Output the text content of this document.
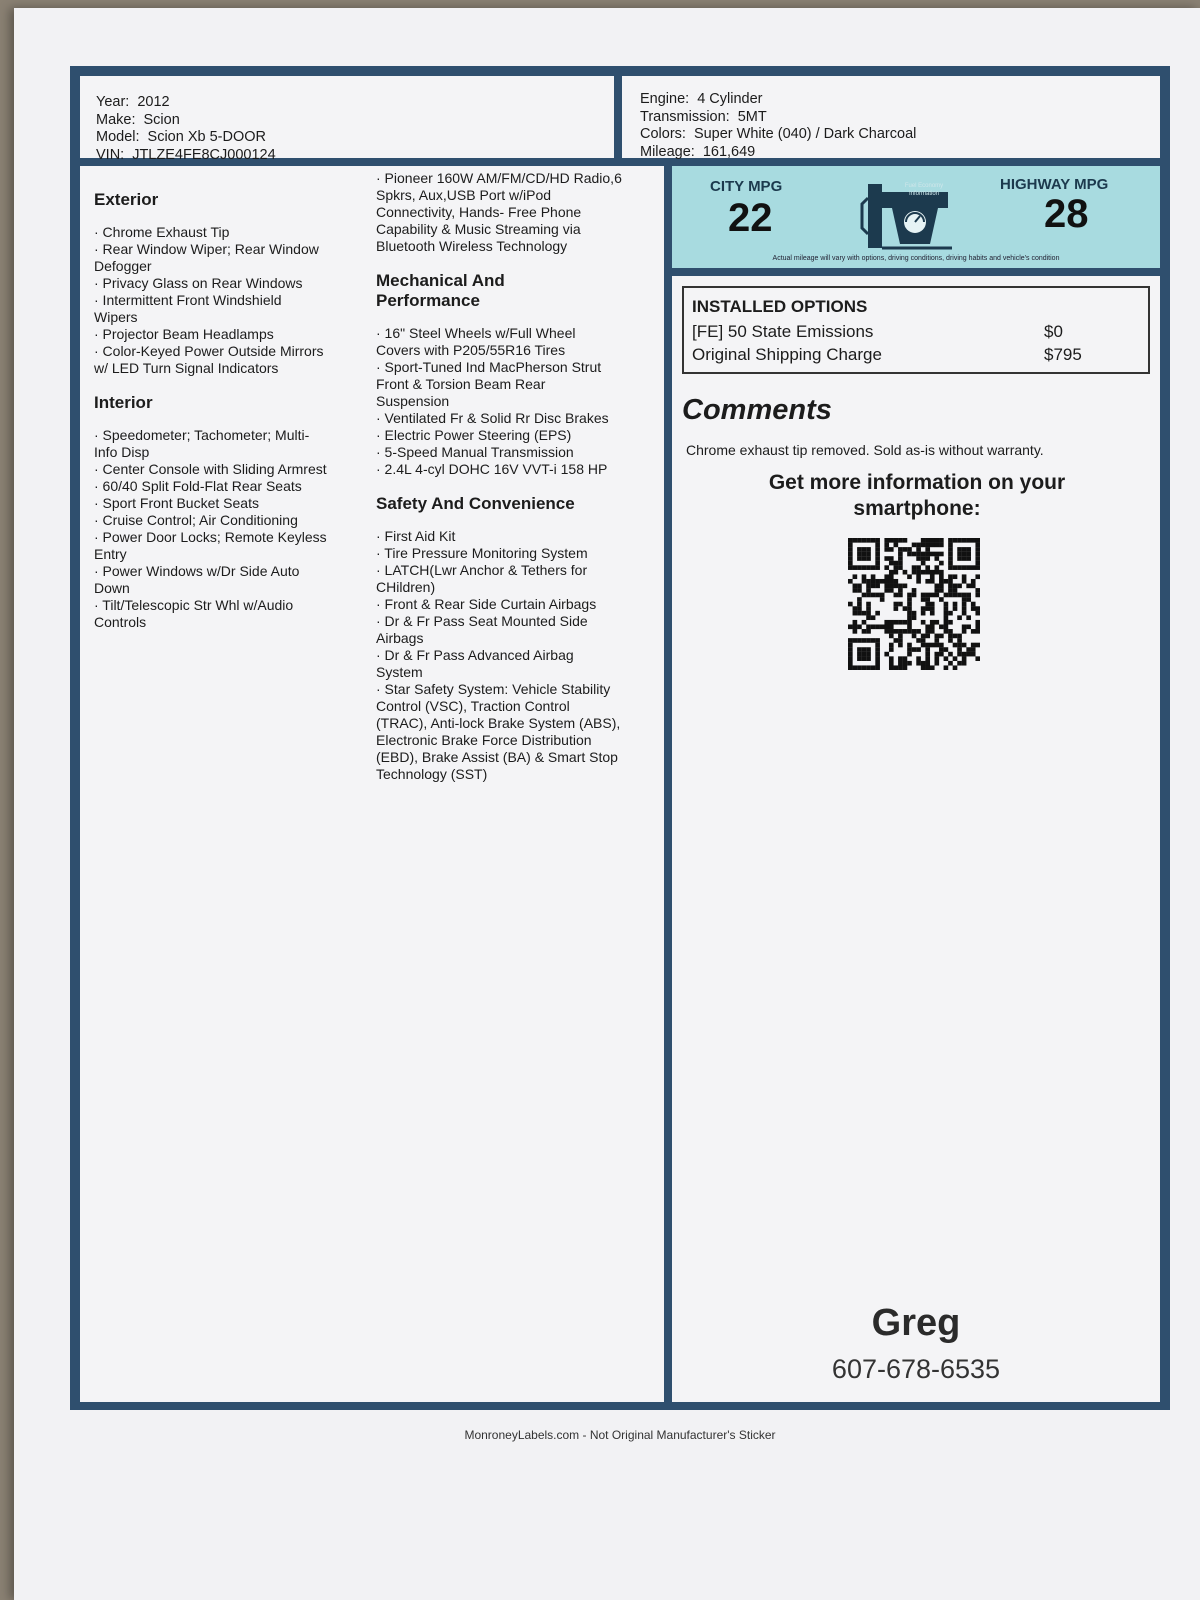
Year: 2012
Make: Scion
Model: Scion Xb 5-DOOR
VIN: JTLZE4FE8CJ000124
Engine: 4 Cylinder
Transmission: 5MT
Colors: Super White (040) / Dark Charcoal
Mileage: 161,649
Exterior
· Chrome Exhaust Tip
· Rear Window Wiper; Rear Window
Defogger
· Privacy Glass on Rear Windows
· Intermittent Front Windshield
Wipers
· Projector Beam Headlamps
· Color-Keyed Power Outside Mirrors
w/ LED Turn Signal Indicators
Interior
· Speedometer; Tachometer; Multi-
Info Disp
· Center Console with Sliding Armrest
· 60/40 Split Fold-Flat Rear Seats
· Sport Front Bucket Seats
· Cruise Control; Air Conditioning
· Power Door Locks; Remote Keyless
Entry
· Power Windows w/Dr Side Auto
Down
· Tilt/Telescopic Str Whl w/Audio
Controls
· Pioneer 160W AM/FM/CD/HD Radio,6
Spkrs, Aux,USB Port w/iPod
Connectivity, Hands- Free Phone
Capability & Music Streaming via
Bluetooth Wireless Technology
Mechanical And
Performance
· 16" Steel Wheels w/Full Wheel
Covers with P205/55R16 Tires
· Sport-Tuned Ind MacPherson Strut
Front & Torsion Beam Rear
Suspension
· Ventilated Fr & Solid Rr Disc Brakes
· Electric Power Steering (EPS)
· 5-Speed Manual Transmission
· 2.4L 4-cyl DOHC 16V VVT-i 158 HP
Safety And Convenience
· First Aid Kit
· Tire Pressure Monitoring System
· LATCH(Lwr Anchor & Tethers for
CHildren)
· Front & Rear Side Curtain Airbags
· Dr & Fr Pass Seat Mounted Side
Airbags
· Dr & Fr Pass Advanced Airbag
System
· Star Safety System: Vehicle Stability
Control (VSC), Traction Control
(TRAC), Anti-lock Brake System (ABS),
Electronic Brake Force Distribution
(EBD), Brake Assist (BA) & Smart Stop
Technology (SST)
CITY MPG
22
HIGHWAY MPG
28
Fuel Economy
Information
Actual mileage will vary with options, driving conditions, driving habits and vehicle's condition
INSTALLED OPTIONS
[FE] 50 State Emissions	$0
Original Shipping Charge	$795
Comments
Chrome exhaust tip removed. Sold as-is without warranty.
Get more information on your
smartphone:
Greg
607-678-6535
MonroneyLabels.com - Not Original Manufacturer's Sticker
